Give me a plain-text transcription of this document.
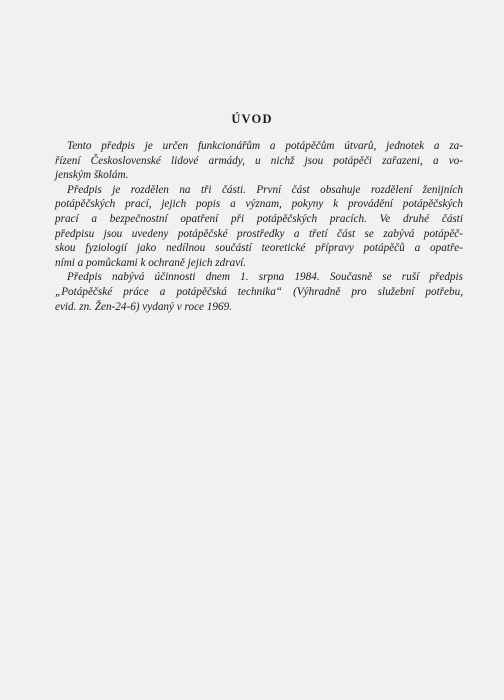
ÚVOD
Tento předpis je určen funkcionářům a potápěčům útvarů, jednotek a za-
řízení Československé lidové armády, u nichž jsou potápěči zařazeni, a vo-
jenským školám.
Předpis je rozdělen na tři části. První část obsahuje rozdělení ženijních
potápěčských prací, jejich popis a význam, pokyny k provádění potápěčských
prací a bezpečnostní opatření při potápěčských pracích. Ve druhé části
předpisu jsou uvedeny potápěčské prostředky a třetí část se zabývá potápěč-
skou fyziologií jako nedílnou součástí teoretické přípravy potápěčů a opatře-
ními a pomůckami k ochraně jejich zdraví.
Předpis nabývá účinnosti dnem 1. srpna 1984. Současně se ruší předpis
„Potápěčské práce a potápěčská technika“ (Výhradně pro služební potřebu,
evid. zn. Žen-24-6) vydaný v roce 1969.
